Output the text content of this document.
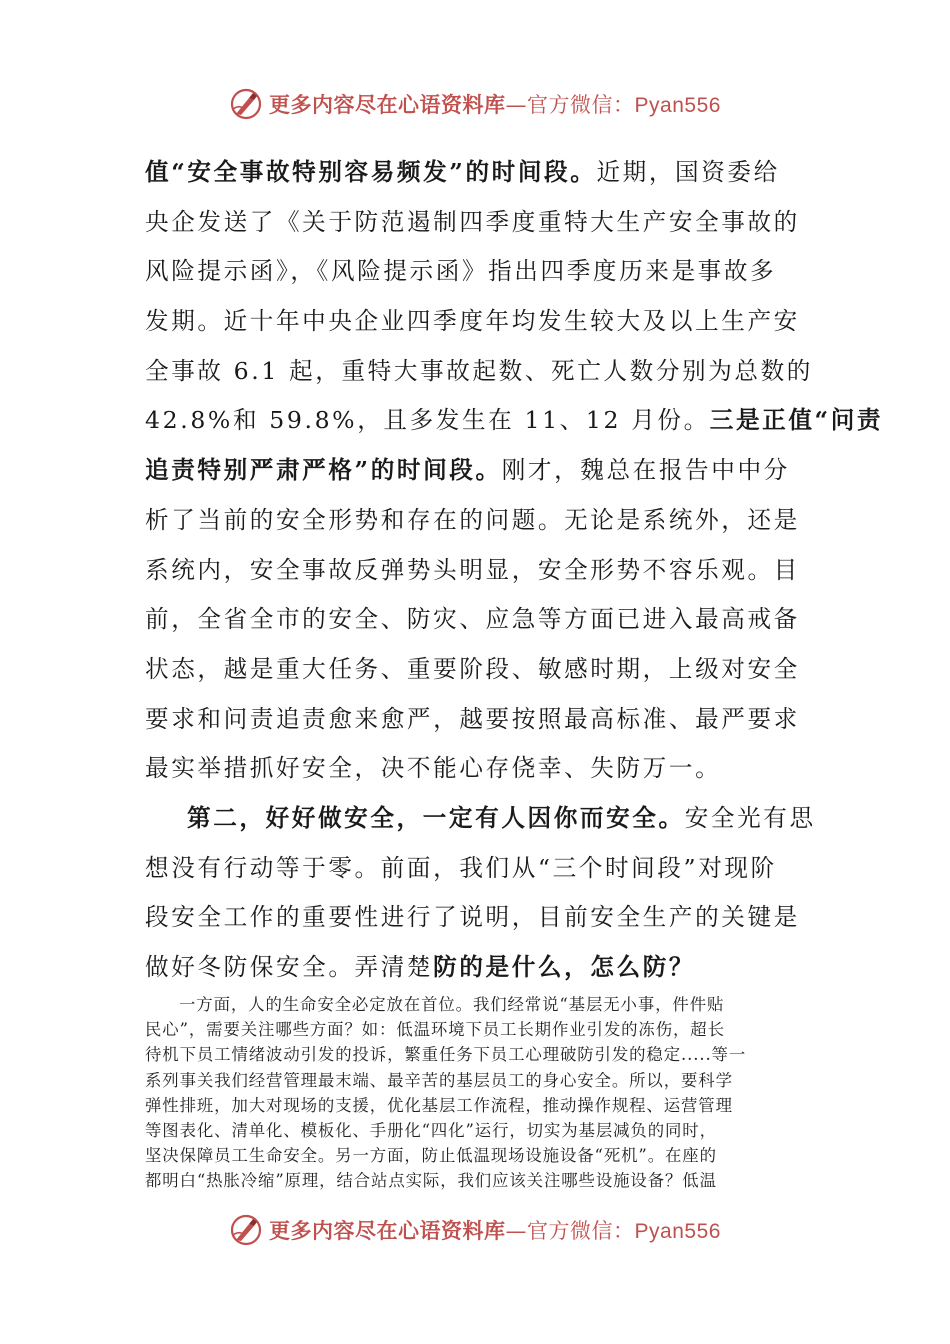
更多内容尽在心语资料库—官方微信：Pyan556
值“安全事故特别容易频发”的时间段。近期，国资委给
央企发送了《关于防范遏制四季度重特大生产安全事故的
风险提示函》，《风险提示函》指出四季度历来是事故多
发期。近十年中央企业四季度年均发生较大及以上生产安
全事故 6.1 起，重特大事故起数、死亡人数分别为总数的
42.8%和 59.8%，且多发生在 11、12 月份。三是正值“问责
追责特别严肃严格”的时间段。刚才，魏总在报告中中分
析了当前的安全形势和存在的问题。无论是系统外，还是
系统内，安全事故反弹势头明显，安全形势不容乐观。目
前，全省全市的安全、防灾、应急等方面已进入最高戒备
状态，越是重大任务、重要阶段、敏感时期，上级对安全
要求和问责追责愈来愈严，越要按照最高标准、最严要求
最实举措抓好安全，决不能心存侥幸、失防万一。
第二，好好做安全，一定有人因你而安全。安全光有思
想没有行动等于零。前面，我们从“三个时间段”对现阶
段安全工作的重要性进行了说明，目前安全生产的关键是
做好冬防保安全。弄清楚防的是什么，怎么防？
一方面，人的生命安全必定放在首位。我们经常说“基层无小事，件件贴
民心”，需要关注哪些方面？如：低温环境下员工长期作业引发的冻伤，超长
待机下员工情绪波动引发的投诉，繁重任务下员工心理破防引发的稳定.....等一
系列事关我们经营管理最末端、最辛苦的基层员工的身心安全。所以，要科学
弹性排班，加大对现场的支援，优化基层工作流程，推动操作规程、运营管理
等图表化、清单化、模板化、手册化“四化”运行，切实为基层减负的同时，
坚决保障员工生命安全。另一方面，防止低温现场设施设备“死机”。在座的
都明白“热胀冷缩”原理，结合站点实际，我们应该关注哪些设施设备？低温
更多内容尽在心语资料库—官方微信：Pyan556
